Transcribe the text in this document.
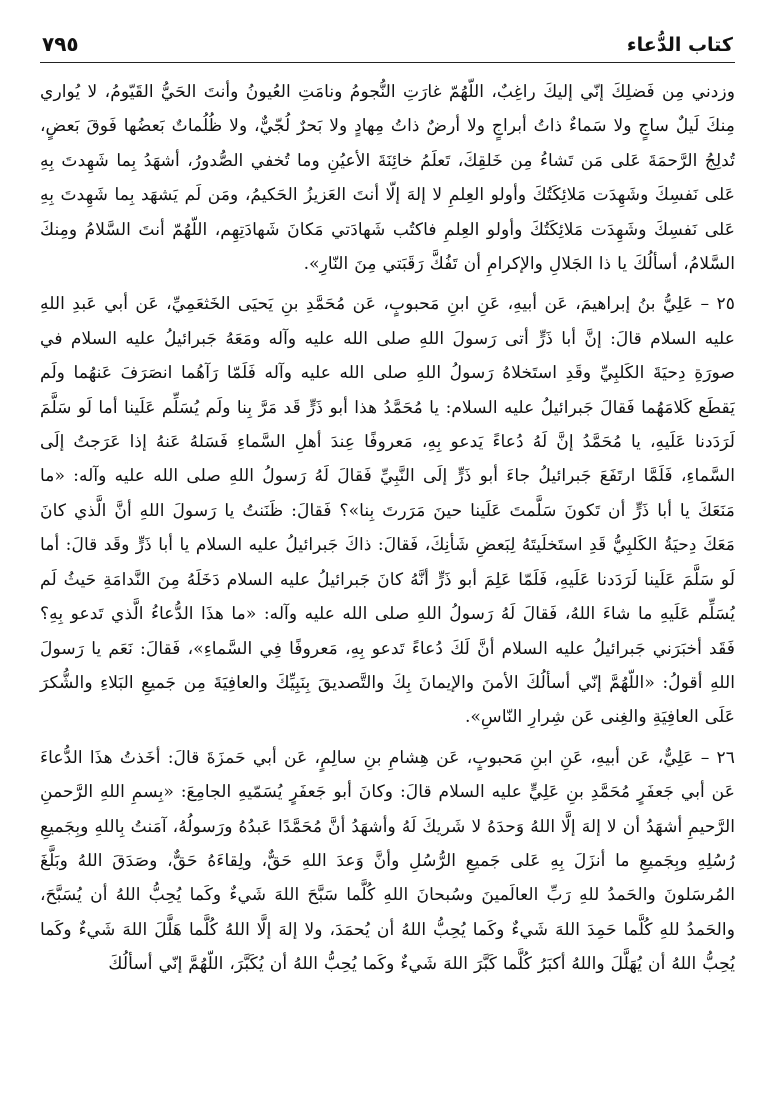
كتاب الدُّعاء
٧٩٥

وزدني مِن فَضلِكَ إنّي إليكَ راغِبٌ، اللّهُمّ غارَتِ النُّجومُ ونامَتِ العُيونُ وأنتَ الحَيُّ القَيّومُ، لا يُواري مِنكَ لَيلٌ ساجٍ ولا سَماءٌ ذاتُ أبراجٍ ولا أرضٌ ذاتُ مِهادٍ ولا بَحرٌ لُجّيٌّ، ولا ظُلُماتٌ بَعضُها فَوقَ بَعضٍ، تُدلِجُ الرَّحمَةَ عَلى مَن تَشاءُ مِن خَلقِكَ، تَعلَمُ خائِنَةَ الأعيُنِ وما تُخفي الصُّدورُ، أشهَدُ بِما شَهِدتَ بِهِ عَلى نَفسِكَ وشَهِدَت مَلائِكَتُكَ وأولو العِلمِ لا إلهَ إلّا أنتَ العَزيزُ الحَكيمُ، ومَن لَم يَشهَد بِما شَهِدتَ بِهِ عَلى نَفسِكَ وشَهِدَت مَلائِكَتُكَ وأولو العِلمِ فاكتُب شَهادَتي مَكانَ شَهادَتِهِم، اللّهُمّ أنتَ السَّلامُ ومِنكَ السَّلامُ، أسألُكَ يا ذا الجَلالِ والإكرامِ أن تَفُكَّ رَقَبَتي مِنَ النّارِ».

٢٥ – عَلِيُّ بنُ إبراهيمَ، عَن أبيهِ، عَنِ ابنِ مَحبوبٍ، عَن مُحَمَّدِ بنِ يَحيَى الخَثعَمِيِّ، عَن أبي عَبدِ اللهِ عليه السلام قالَ: إنَّ أبا ذَرٍّ أتى رَسولَ اللهِ صلى الله عليه وآله ومَعَهُ جَبرائيلُ عليه السلام في صورَةِ دِحيَةَ الكَلبِيِّ وقَدِ استَخلاهُ رَسولُ اللهِ صلى الله عليه وآله فَلَمّا رَآهُما انصَرَفَ عَنهُما ولَم يَقطَع كَلامَهُما فَقالَ جَبرائيلُ عليه السلام: يا مُحَمَّدُ هذا أبو ذَرٍّ قَد مَرَّ بِنا ولَم يُسَلِّم عَلَينا أما لَو سَلَّمَ لَرَدَدنا عَلَيهِ، يا مُحَمَّدُ إنَّ لَهُ دُعاءً يَدعو بِهِ، مَعروفًا عِندَ أهلِ السَّماءِ فَسَلهُ عَنهُ إذا عَرَجتُ إلَى السَّماءِ، فَلَمَّا ارتَفَعَ جَبرائيلُ جاءَ أبو ذَرٍّ إلَى النَّبِيِّ فَقالَ لَهُ رَسولُ اللهِ صلى الله عليه وآله: «ما مَنَعَكَ يا أبا ذَرٍّ أن تَكونَ سَلَّمتَ عَلَينا حينَ مَرَرتَ بِنا»؟ فَقالَ: ظَنَنتُ يا رَسولَ اللهِ أنَّ الَّذي كانَ مَعَكَ دِحيَةُ الكَلبِيُّ قَدِ استَخلَيتَهُ لِبَعضِ شَأنِكَ، فَقالَ: ذاكَ جَبرائيلُ عليه السلام يا أبا ذَرٍّ وقَد قالَ: أما لَو سَلَّمَ عَلَينا لَرَدَدنا عَلَيهِ، فَلَمّا عَلِمَ أبو ذَرٍّ أنَّهُ كانَ جَبرائيلُ عليه السلام دَخَلَهُ مِنَ النَّدامَةِ حَيثُ لَم يُسَلِّم عَلَيهِ ما شاءَ اللهُ، فَقالَ لَهُ رَسولُ اللهِ صلى الله عليه وآله: «ما هذَا الدُّعاءُ الَّذي تَدعو بِهِ؟ فَقَد أخبَرَني جَبرائيلُ عليه السلام أنَّ لَكَ دُعاءً تَدعو بِهِ، مَعروفًا فِي السَّماءِ»، فَقالَ: نَعَم يا رَسولَ اللهِ أقولُ: «اللّهُمَّ إنّي أسألُكَ الأمنَ والإيمانَ بِكَ والتَّصديقَ بِنَبِيِّكَ والعافِيَةَ مِن جَميعِ البَلاءِ والشُّكرَ عَلَى العافِيَةِ والغِنى عَن شِرارِ النّاسِ».

٢٦ – عَلِيٌّ، عَن أبيهِ، عَنِ ابنِ مَحبوبٍ، عَن هِشامِ بنِ سالِمٍ، عَن أبي حَمزَةَ قالَ: أخَذتُ هذَا الدُّعاءَ عَن أبي جَعفَرٍ مُحَمَّدِ بنِ عَلِيٍّ عليه السلام قالَ: وكانَ أبو جَعفَرٍ يُسَمّيهِ الجامِعَ: «بِسمِ اللهِ الرَّحمنِ الرَّحيمِ أشهَدُ أن لا إلهَ إلَّا اللهُ وَحدَهُ لا شَريكَ لَهُ وأشهَدُ أنَّ مُحَمَّدًا عَبدُهُ ورَسولُهُ، آمَنتُ بِاللهِ وبِجَميعِ رُسُلِهِ وبِجَميعِ ما أنزَلَ بِهِ عَلى جَميعِ الرُّسُلِ وأنَّ وَعدَ اللهِ حَقٌّ، ولِقاءَهُ حَقٌّ، وصَدَقَ اللهُ وبَلَّغَ المُرسَلونَ والحَمدُ للهِ رَبِّ العالَمينَ وسُبحانَ اللهِ كُلَّما سَبَّحَ اللهَ شَيءٌ وكَما يُحِبُّ اللهُ أن يُسَبَّحَ، والحَمدُ للهِ كُلَّما حَمِدَ اللهَ شَيءٌ وكَما يُحِبُّ اللهُ أن يُحمَدَ، ولا إلهَ إلَّا اللهُ كُلَّما هَلَّلَ اللهَ شَيءٌ وكَما يُحِبُّ اللهُ أن يُهَلَّلَ واللهُ أكبَرُ كُلَّما كَبَّرَ اللهَ شَيءٌ وكَما يُحِبُّ اللهُ أن يُكَبَّرَ، اللّهُمَّ إنّي أسألُكَ
